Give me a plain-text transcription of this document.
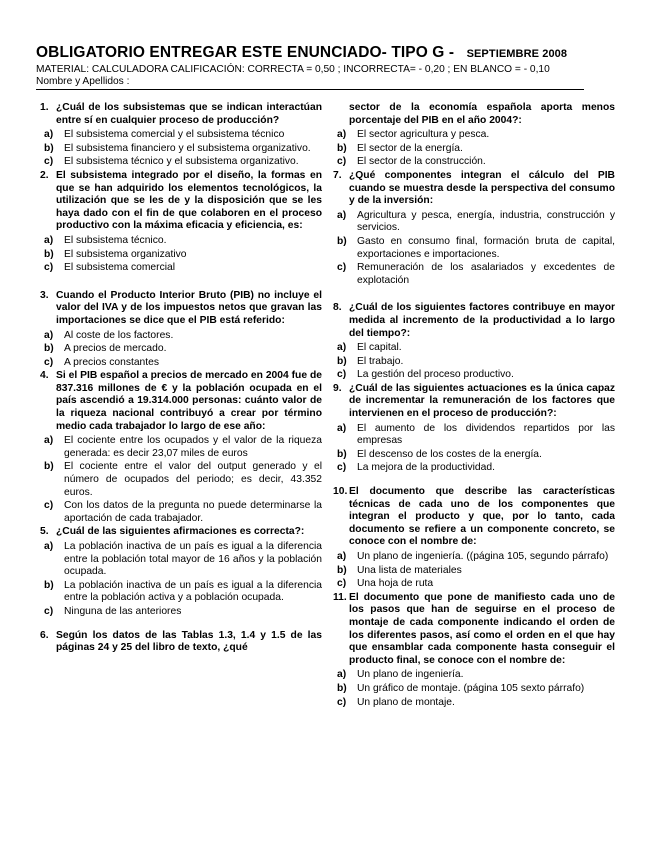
OBLIGATORIO ENTREGAR ESTE ENUNCIADO- TIPO G - SEPTIEMBRE 2008
MATERIAL: CALCULADORA CALIFICACIÓN: CORRECTA = 0,50 ; INCORRECTA= - 0,20 ; EN BLANCO = - 0,10
Nombre y Apellidos :
1. ¿Cuál de los subsistemas que se indican interactúan entre sí en cualquier proceso de producción?
a)	El subsistema comercial y el subsistema técnico
b) El subsistema financiero y el subsistema organizativo.
c)	El subsistema técnico y el subsistema organizativo.
2. El subsistema integrado por el diseño, la formas en que se han adquirido los elementos tecnológicos, la utilización que se les de y la disposición que se les haya dado con el fin de que colaboren en el proceso productivo con la máxima eficacia y eficiencia, es:
a)	El subsistema técnico.
b) El subsistema organizativo
c)	El subsistema comercial
3. Cuando el Producto Interior Bruto (PIB) no incluye el valor del IVA y de los impuestos netos que gravan las importaciones se dice que el PIB está referido:
a)	Al coste de los factores.
b) A precios de mercado.
c)	A precios constantes
4. Si el PIB español a precios de mercado en 2004 fue de 837.316 millones de € y la población ocupada en el país ascendió a 19.314.000 personas: cuánto valor de la riqueza nacional contribuyó a crear por término medio cada trabajador lo largo de ese año:
a)	El cociente entre los ocupados y el valor de la riqueza generada: es decir 23,07 miles de euros
b) El cociente entre el valor del output generado y el número de ocupados del periodo; es decir, 43.352 euros.
c)	Con los datos de la pregunta no puede determinarse la aportación de cada trabajador.
5. ¿Cuál de las siguientes afirmaciones es correcta?:
a)	La población inactiva de un país es igual a la diferencia entre la población total mayor de 16 años y la población ocupada.
b) La población inactiva de un país es igual a la diferencia entre la población activa y a población ocupada.
c)	Ninguna de las anteriores
6. Según los datos de las Tablas 1.3, 1.4 y 1.5 de las páginas 24 y 25 del libro de texto, ¿qué
sector de la economía española aporta menos porcentaje del PIB en el año 2004?:
a)	El sector agricultura y pesca.
b) El sector de la energía.
c)	El sector de la construcción.
7. ¿Qué componentes integran el cálculo del PIB cuando se muestra desde la perspectiva del consumo y de la inversión:
a)	Agricultura y pesca, energía, industria, construcción y servicios.
b) Gasto en consumo final, formación bruta de capital, exportaciones e importaciones.
c)	Remuneración de los asalariados y excedentes de explotación
8. ¿Cuál de los siguientes factores contribuye en mayor medida al incremento de la productividad a lo largo del tiempo?:
a)	El capital.
b) El trabajo.
c)	La gestión del proceso productivo.
9. ¿Cuál de las siguientes actuaciones es la única capaz de incrementar la remuneración de los factores que intervienen en el proceso de producción?:
a)	El aumento de los dividendos repartidos por las empresas
b) El descenso de los costes de la energía.
c)	La mejora de la productividad.
10. El documento que describe las características técnicas de cada uno de los componentes que integran el producto y que, por lo tanto, cada documento se refiere a un componente concreto, se conoce con el nombre de:
a)	Un plano de ingeniería. ((página 105, segundo párrafo)
b) Una lista de materiales
c)	Una hoja de ruta
11. El documento que pone de manifiesto cada uno de los pasos que han de seguirse en el proceso de montaje de cada componente indicando el orden de los diferentes pasos, así como el orden en el que hay que ensamblar cada componente hasta conseguir el producto final, se conoce con el nombre de:
a)	Un plano de ingeniería.
b) Un gráfico de montaje. (página 105 sexto párrafo)
c)	Un plano de montaje.
